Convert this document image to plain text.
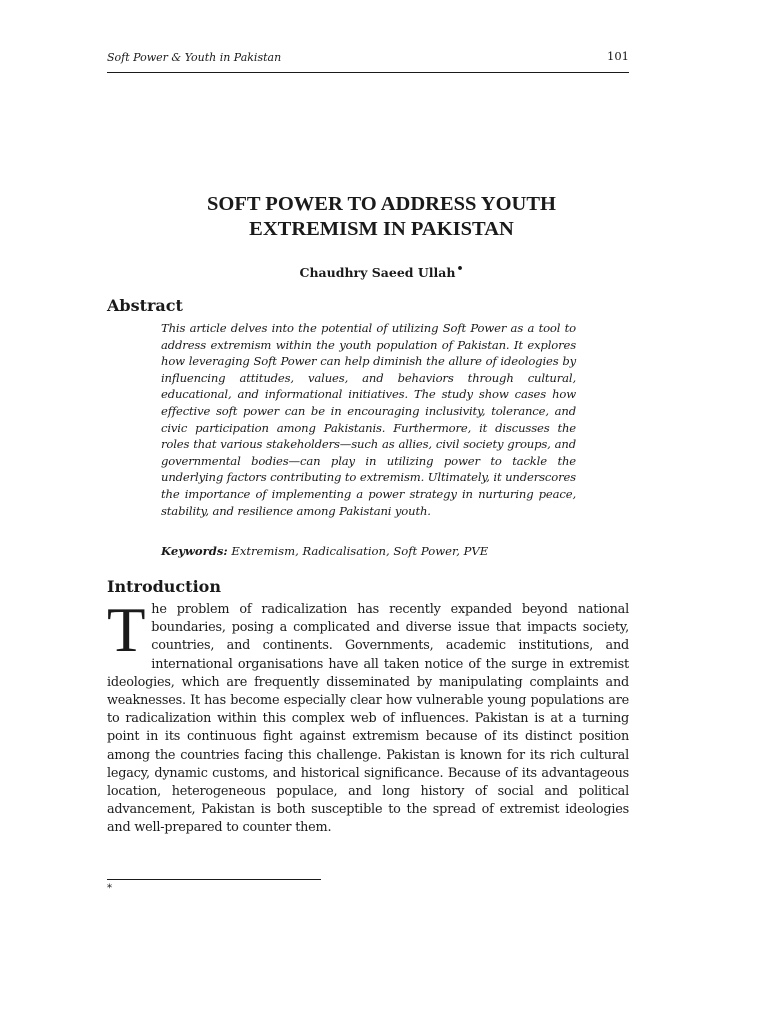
Soft Power & Youth in Pakistan	101
SOFT POWER TO ADDRESS YOUTH
EXTREMISM IN PAKISTAN
Chaudhry Saeed Ullah•
Abstract

This article delves into the potential of utilizing Soft Power as a tool to address extremism within the youth population of Pakistan. It explores how leveraging Soft Power can help diminish the allure of ideologies by influencing attitudes, values, and behaviors through cultural, educational, and informational initiatives. The study show cases how effective soft power can be in encouraging inclusivity, tolerance, and civic participation among Pakistanis. Furthermore, it discusses the roles that various stakeholders—such as allies, civil society groups, and governmental bodies—can play in utilizing power to tackle the underlying factors contributing to extremism. Ultimately, it underscores the importance of implementing a power strategy in nurturing peace, stability, and resilience among Pakistani youth.

Keywords: Extremism, Radicalisation, Soft Power, PVE
Introduction

The problem of radicalization has recently expanded beyond national boundaries, posing a complicated and diverse issue that impacts society, countries, and continents. Governments, academic institutions, and international organisations have all taken notice of the surge in extremist ideologies, which are frequently disseminated by manipulating complaints and weaknesses. It has become especially clear how vulnerable young populations are to radicalization within this complex web of influences. Pakistan is at a turning point in its continuous fight against extremism because of its distinct position among the countries facing this challenge. Pakistan is known for its rich cultural legacy, dynamic customs, and historical significance. Because of its advantageous location, heterogeneous populace, and long history of social and political advancement, Pakistan is both susceptible to the spread of extremist ideologies and well-prepared to counter them.

*
